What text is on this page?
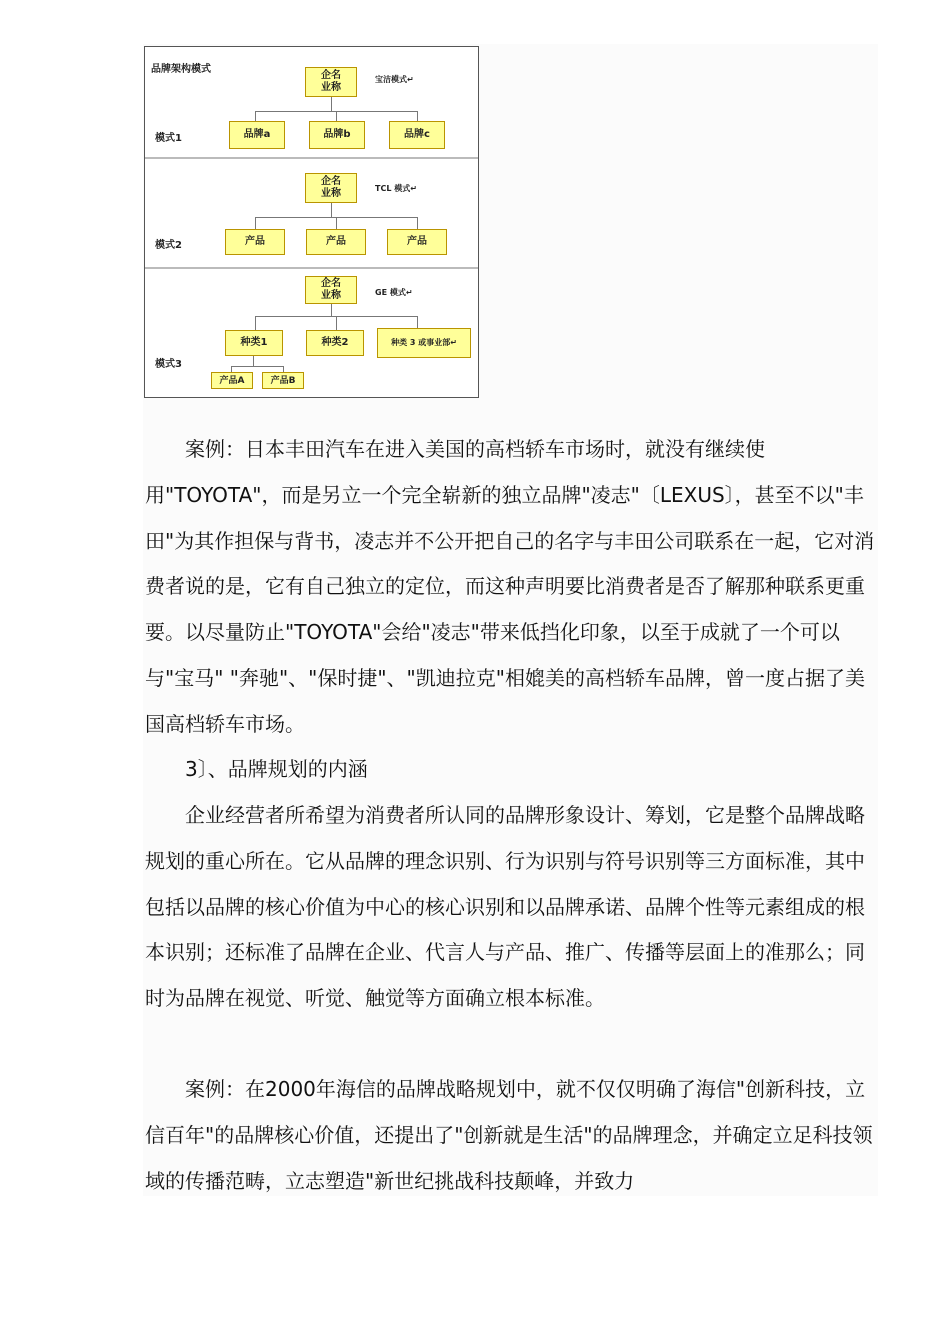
品牌架构模式
企名
业称
宝洁模式↵
模式1	品牌a	品牌b	品牌c
企名
业称	TCL 模式↵
模式2	产品	产品	产品
企名
业称	GE 模式↵
种类1	种类2	种类 3 或事业部↵
模式3
产品A	产品B

案例：日本丰田汽车在进入美国的高档轿车市场时，就没有继续使用"TOYOTA"，而是另立一个完全崭新的独立品牌"凌志"〔LEXUS〕，甚至不以"丰田"为其作担保与背书，凌志并不公开把自己的名字与丰田公司联系在一起，它对消费者说的是，它有自己独立的定位，而这种声明要比消费者是否了解那种联系更重要。以尽量防止"TOYOTA"会给"凌志"带来低挡化印象，以至于成就了一个可以与"宝马" "奔驰"、"保时捷"、"凯迪拉克"相媲美的高档轿车品牌，曾一度占据了美国高档轿车市场。

3〕、品牌规划的内涵

企业经营者所希望为消费者所认同的品牌形象设计、筹划，它是整个品牌战略规划的重心所在。它从品牌的理念识别、行为识别与符号识别等三方面标准，其中包括以品牌的核心价值为中心的核心识别和以品牌承诺、品牌个性等元素组成的根本识别；还标准了品牌在企业、代言人与产品、推广、传播等层面上的准那么；同时为品牌在视觉、听觉、触觉等方面确立根本标准。

案例：在2000年海信的品牌战略规划中，就不仅仅明确了海信"创新科技，立信百年"的品牌核心价值，还提出了"创新就是生活"的品牌理念，并确定立足科技领域的传播范畴，立志塑造"新世纪挑战科技颠峰，并致力
